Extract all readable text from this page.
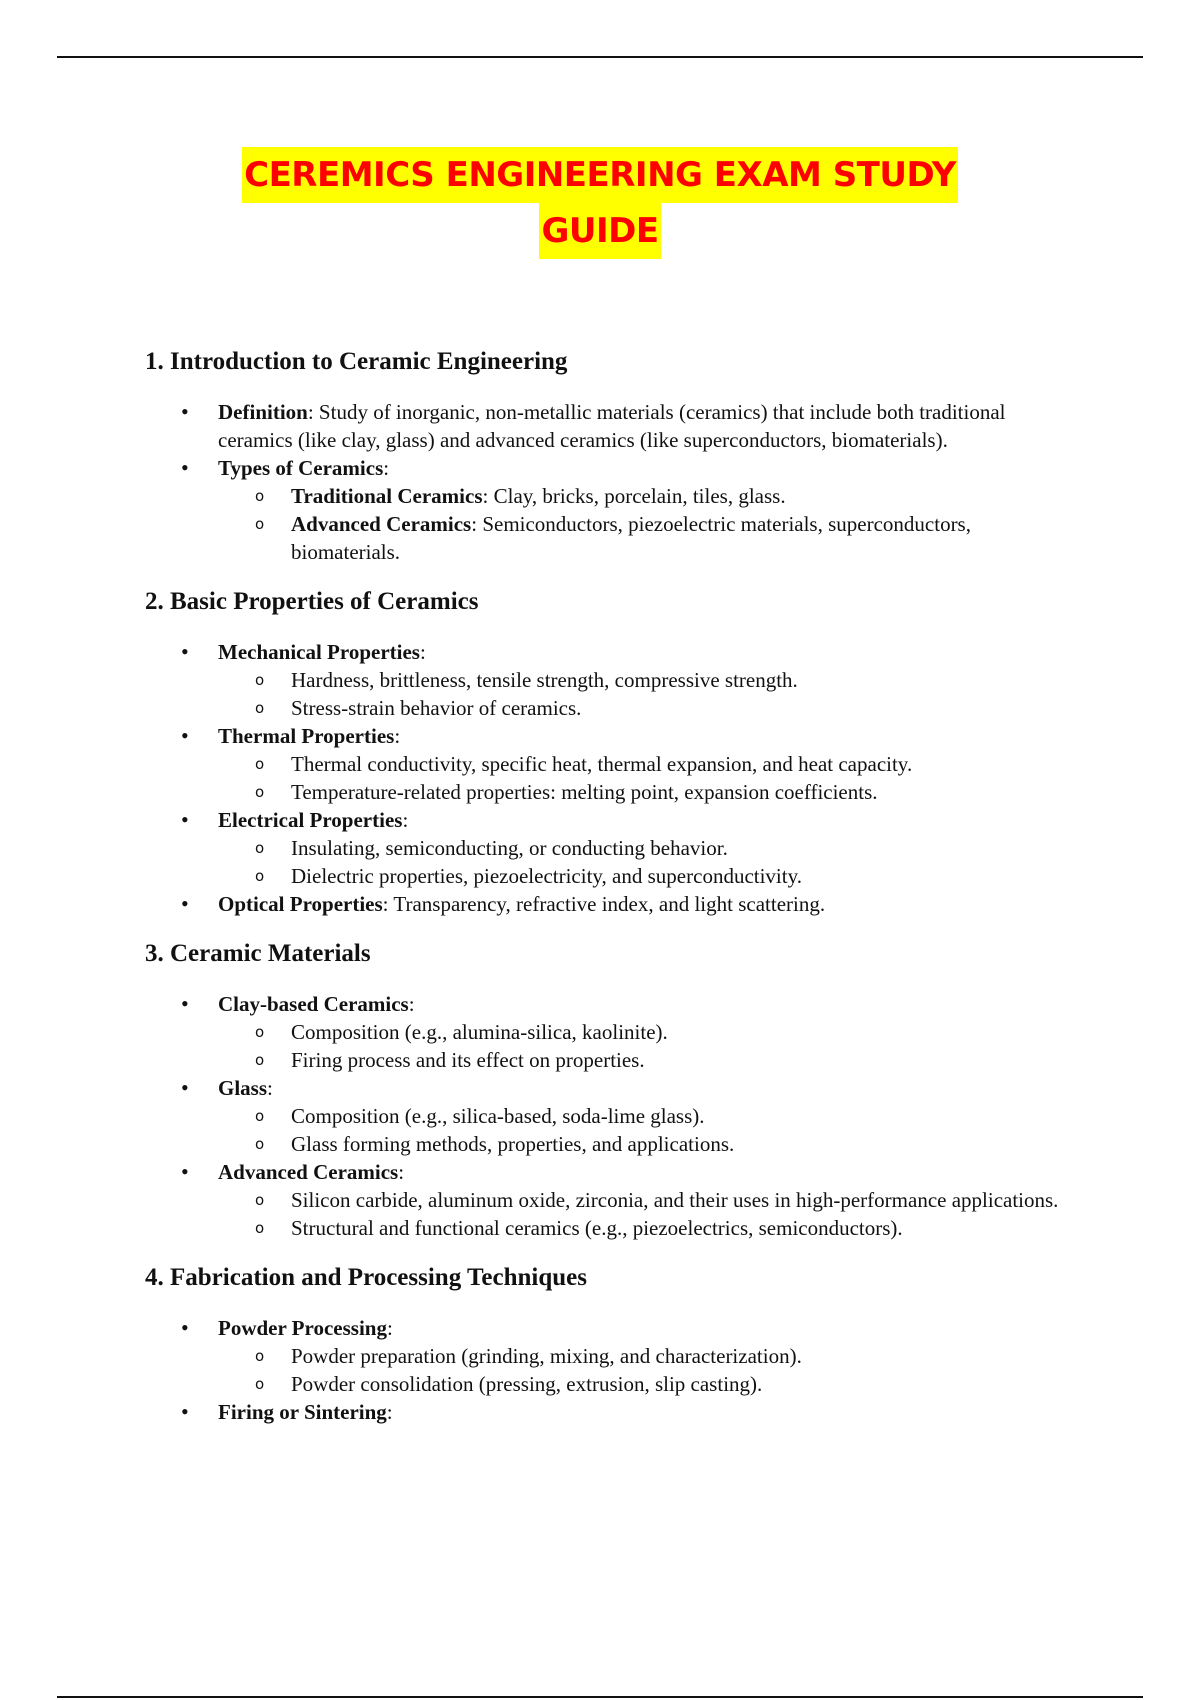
CEREMICS ENGINEERING EXAM STUDY
GUIDE
1. Introduction to Ceramic Engineering
• Definition: Study of inorganic, non-metallic materials (ceramics) that include both traditional ceramics (like clay, glass) and advanced ceramics (like superconductors, biomaterials).
• Types of Ceramics:
o Traditional Ceramics: Clay, bricks, porcelain, tiles, glass.
o Advanced Ceramics: Semiconductors, piezoelectric materials, superconductors, biomaterials.
2. Basic Properties of Ceramics
• Mechanical Properties:
o Hardness, brittleness, tensile strength, compressive strength.
o Stress-strain behavior of ceramics.
• Thermal Properties:
o Thermal conductivity, specific heat, thermal expansion, and heat capacity.
o Temperature-related properties: melting point, expansion coefficients.
• Electrical Properties:
o Insulating, semiconducting, or conducting behavior.
o Dielectric properties, piezoelectricity, and superconductivity.
• Optical Properties: Transparency, refractive index, and light scattering.
3. Ceramic Materials
• Clay-based Ceramics:
o Composition (e.g., alumina-silica, kaolinite).
o Firing process and its effect on properties.
• Glass:
o Composition (e.g., silica-based, soda-lime glass).
o Glass forming methods, properties, and applications.
• Advanced Ceramics:
o Silicon carbide, aluminum oxide, zirconia, and their uses in high-performance applications.
o Structural and functional ceramics (e.g., piezoelectrics, semiconductors).
4. Fabrication and Processing Techniques
• Powder Processing:
o Powder preparation (grinding, mixing, and characterization).
o Powder consolidation (pressing, extrusion, slip casting).
• Firing or Sintering:
